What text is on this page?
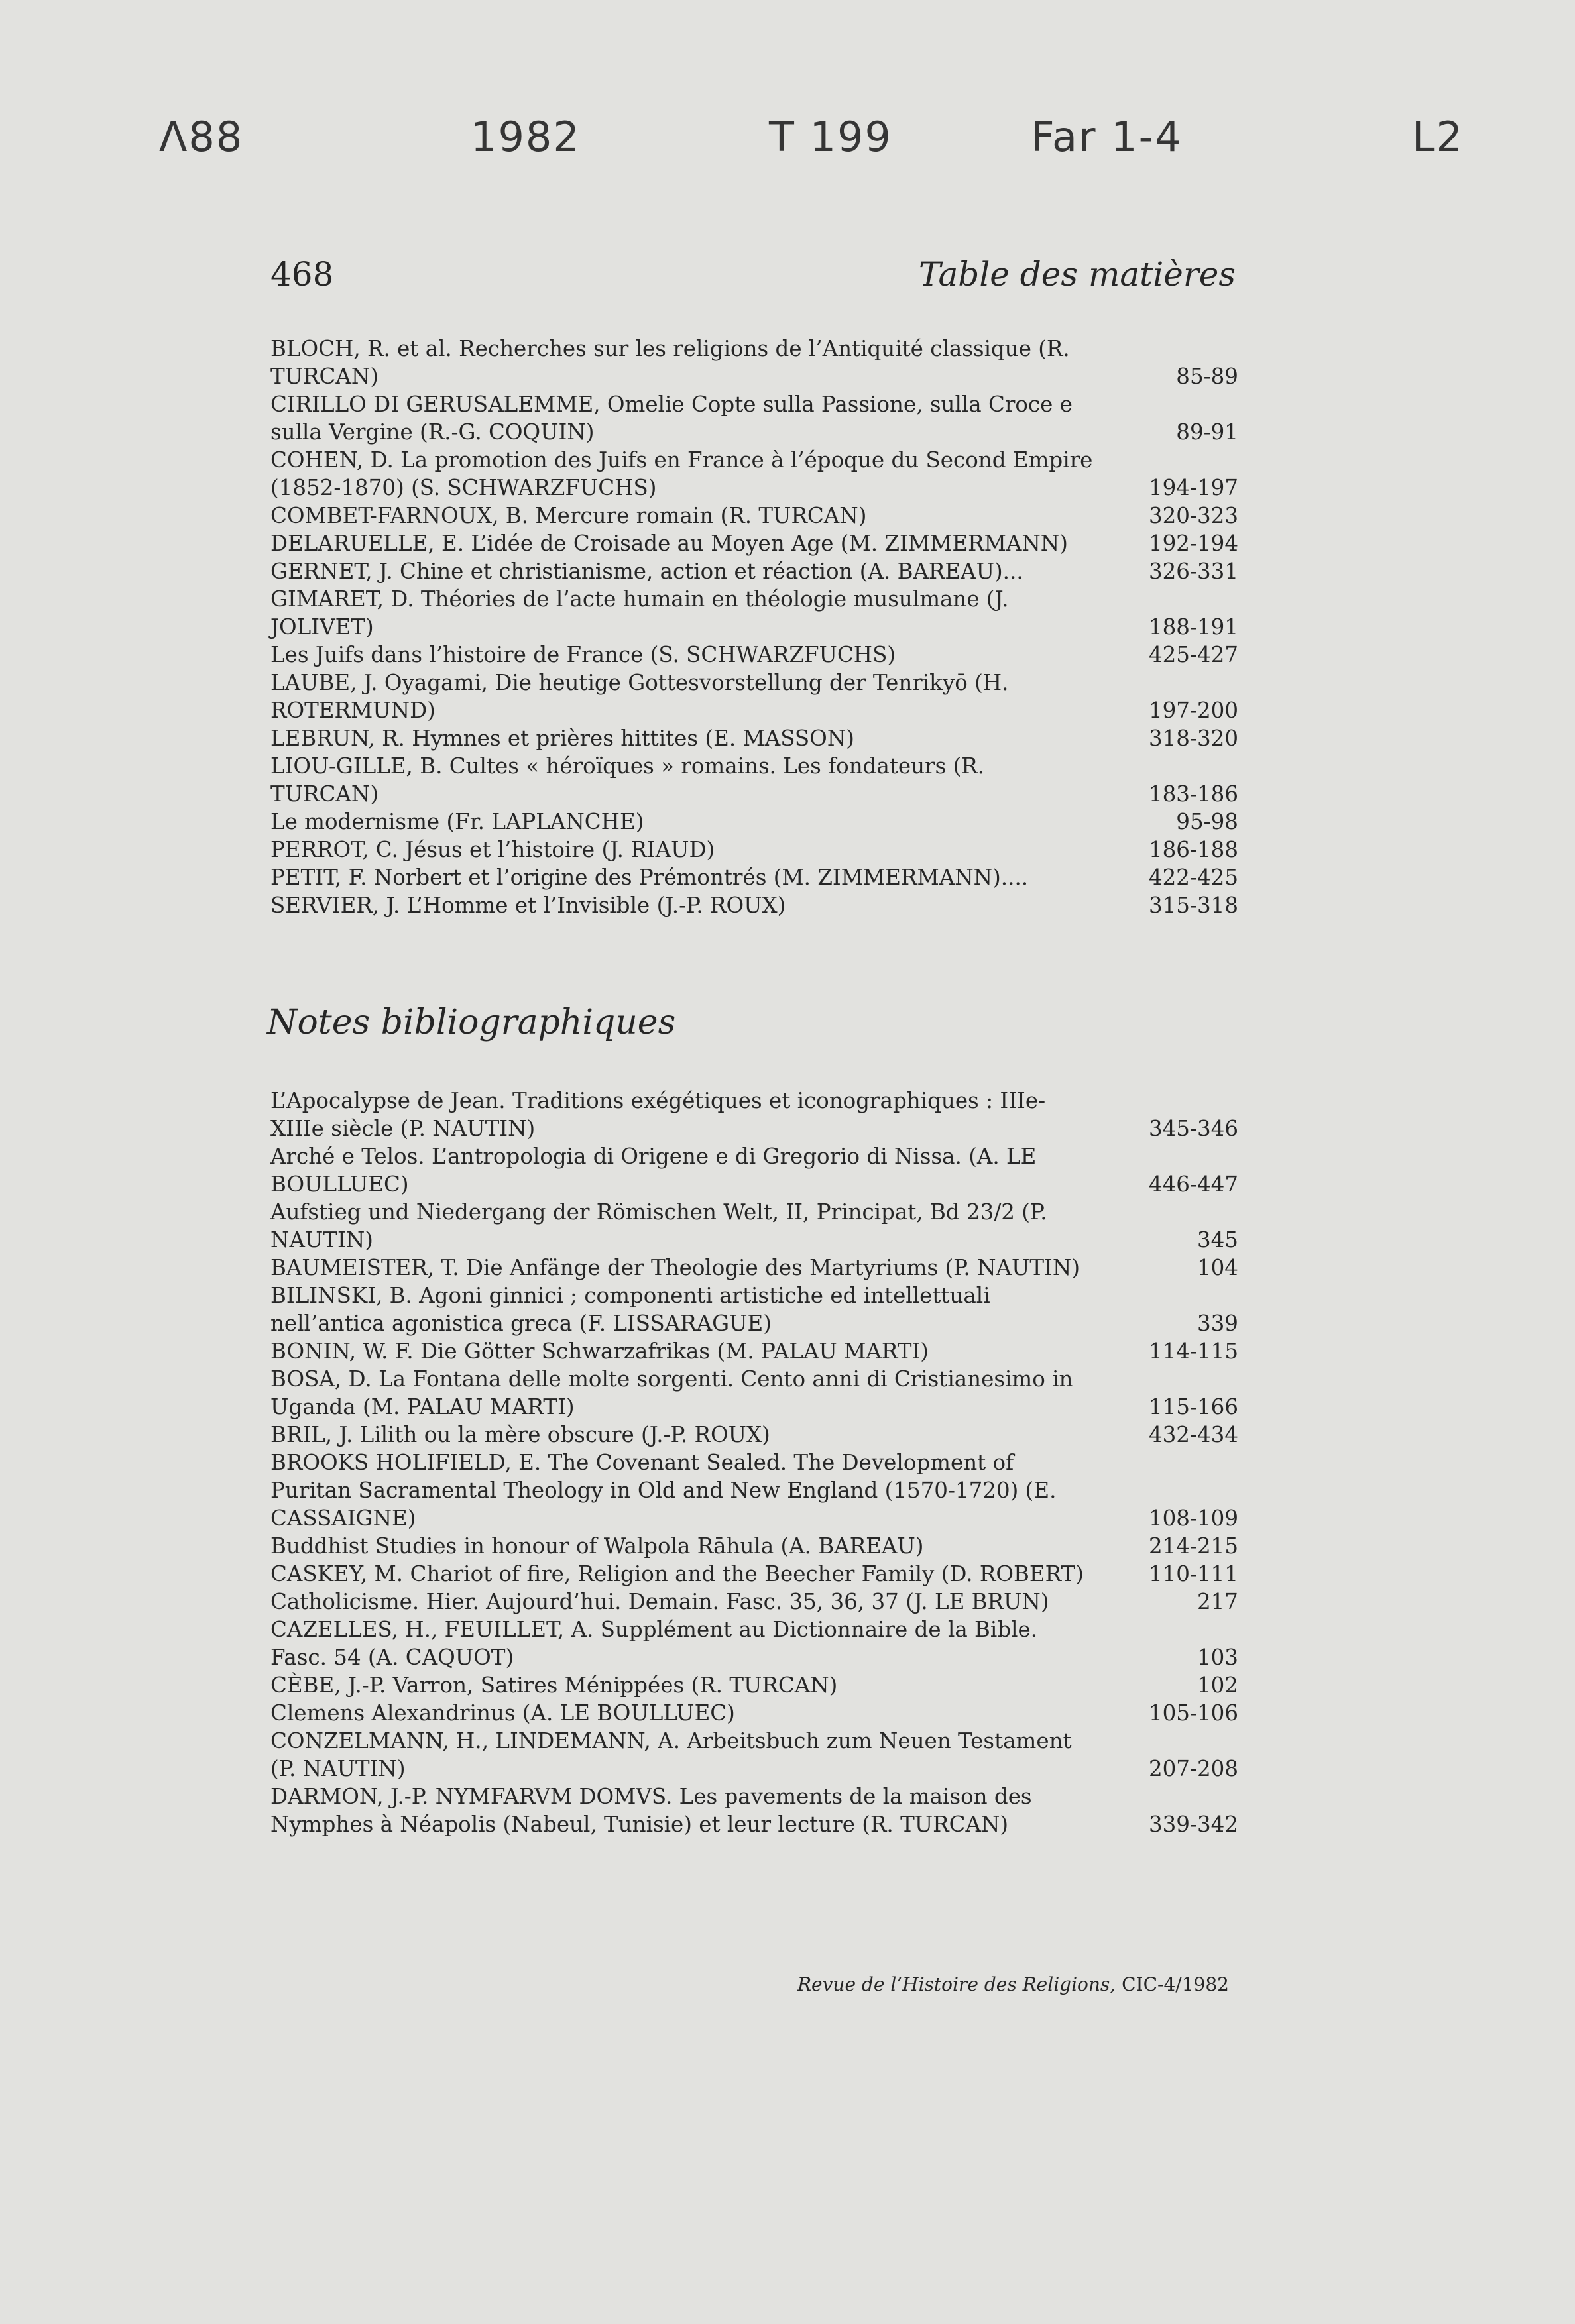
Λ88	1982	T 199	Far 1-4	L2
468	Table des matières
BLOCH, R. et al. Recherches sur les religions de l’Antiquité classique (R. TURCAN)	85-89
CIRILLO DI GERUSALEMME, Omelie Copte sulla Passione, sulla Croce e sulla Vergine (R.-G. COQUIN)	89-91
COHEN, D. La promotion des Juifs en France à l’époque du Second Empire (1852-1870) (S. SCHWARZFUCHS)	194-197
COMBET-FARNOUX, B. Mercure romain (R. TURCAN)	320-323
DELARUELLE, E. L’idée de Croisade au Moyen Age (M. ZIMMERMANN)	192-194
GERNET, J. Chine et christianisme, action et réaction (A. BAREAU)...	326-331
GIMARET, D. Théories de l’acte humain en théologie musulmane (J. JOLIVET)	188-191
Les Juifs dans l’histoire de France (S. SCHWARZFUCHS)	425-427
LAUBE, J. Oyagami, Die heutige Gottesvorstellung der Tenrikyō (H. ROTERMUND)	197-200
LEBRUN, R. Hymnes et prières hittites (E. MASSON)	318-320
LIOU-GILLE, B. Cultes « héroïques » romains. Les fondateurs (R. TURCAN)	183-186
Le modernisme (Fr. LAPLANCHE)	95-98
PERROT, C. Jésus et l’histoire (J. RIAUD)	186-188
PETIT, F. Norbert et l’origine des Prémontrés (M. ZIMMERMANN)....	422-425
SERVIER, J. L’Homme et l’Invisible (J.-P. ROUX)	315-318
Notes bibliographiques
L’Apocalypse de Jean. Traditions exégétiques et iconographiques : IIIe-XIIIe siècle (P. NAUTIN)	345-346
Arché e Telos. L’antropologia di Origene e di Gregorio di Nissa. (A. LE BOULLUEC)	446-447
Aufstieg und Niedergang der Römischen Welt, II, Principat, Bd 23/2 (P. NAUTIN)	345
BAUMEISTER, T. Die Anfänge der Theologie des Martyriums (P. NAUTIN)	104
BILINSKI, B. Agoni ginnici ; componenti artistiche ed intellettuali nell’antica agonistica greca (F. LISSARAGUE)	339
BONIN, W. F. Die Götter Schwarzafrikas (M. PALAU MARTI)	114-115
BOSA, D. La Fontana delle molte sorgenti. Cento anni di Cristianesimo in Uganda (M. PALAU MARTI)	115-166
BRIL, J. Lilith ou la mère obscure (J.-P. ROUX)	432-434
BROOKS HOLIFIELD, E. The Covenant Sealed. The Development of Puritan Sacramental Theology in Old and New England (1570-1720) (E. CASSAIGNE)	108-109
Buddhist Studies in honour of Walpola Rāhula (A. BAREAU)	214-215
CASKEY, M. Chariot of fire, Religion and the Beecher Family (D. ROBERT)	110-111
Catholicisme. Hier. Aujourd’hui. Demain. Fasc. 35, 36, 37 (J. LE BRUN)	217
CAZELLES, H., FEUILLET, A. Supplément au Dictionnaire de la Bible. Fasc. 54 (A. CAQUOT)	103
CÈBE, J.-P. Varron, Satires Ménippées (R. TURCAN)	102
Clemens Alexandrinus (A. LE BOULLUEC)	105-106
CONZELMANN, H., LINDEMANN, A. Arbeitsbuch zum Neuen Testament (P. NAUTIN)	207-208
DARMON, J.-P. NYMFARVM DOMVS. Les pavements de la maison des Nymphes à Néapolis (Nabeul, Tunisie) et leur lecture (R. TURCAN)	339-342
Revue de l’Histoire des Religions, CIC-4/1982
